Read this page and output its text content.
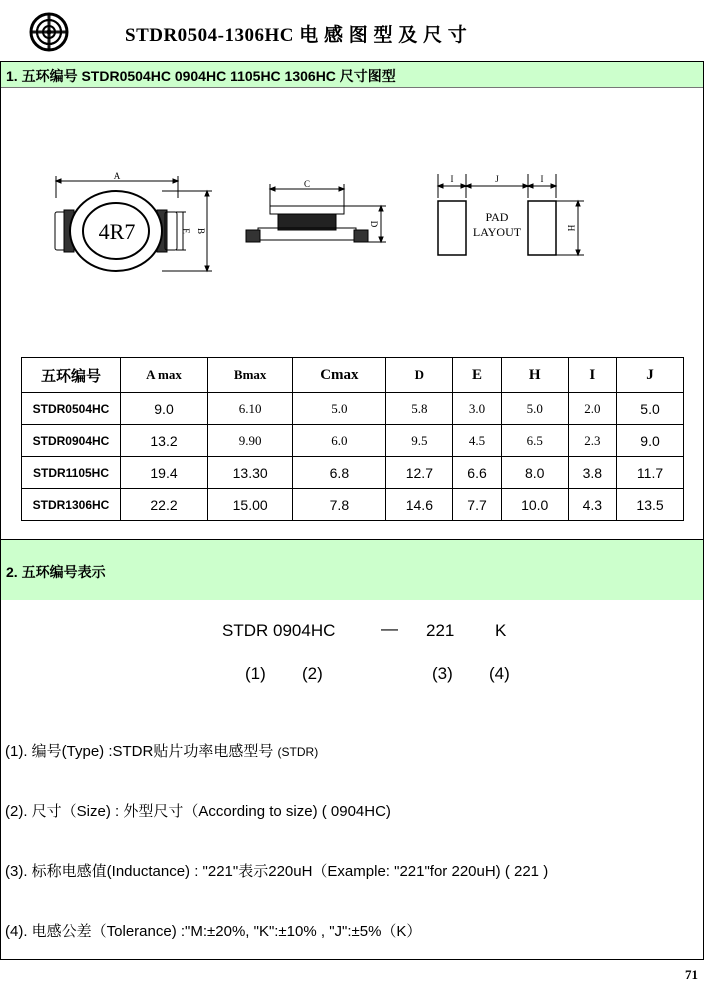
STDR0504-1306HC 电 感 图 型 及 尺 寸
1. 五环编号 STDR0504HC 0904HC 1105HC 1306HC 尺寸图型
A
4R7	E B
C
D
I	J	I
H
PAD
LAYOUT
五环编号	A max	Bmax	Cmax	D	E	H	I	J
STDR0504HC	9.0	6.10	5.0	5.8	3.0	5.0	2.0	5.0
STDR0904HC	13.2	9.90	6.0	9.5	4.5	6.5	2.3	9.0
STDR1105HC	19.4	13.30	6.8	12.7	6.6	8.0	3.8	11.7
STDR1306HC	22.2	15.00	7.8	14.6	7.7	10.0	4.3	13.5
2. 五环编号表示
STDR 0904HC	— 221 K
(1) (2)	(3) (4)
(1). 编号(Type) :STDR贴片功率电感型号 (STDR)
(2). 尺寸（Size) : 外型尺寸（According to size) ( 0904HC)
(3). 标称电感值(Inductance) : "221"表示220uH（Example: "221"for 220uH) ( 221 )
(4). 电感公差（Tolerance) :"M:±20%, "K":±10% , "J":±5%（K）
71
